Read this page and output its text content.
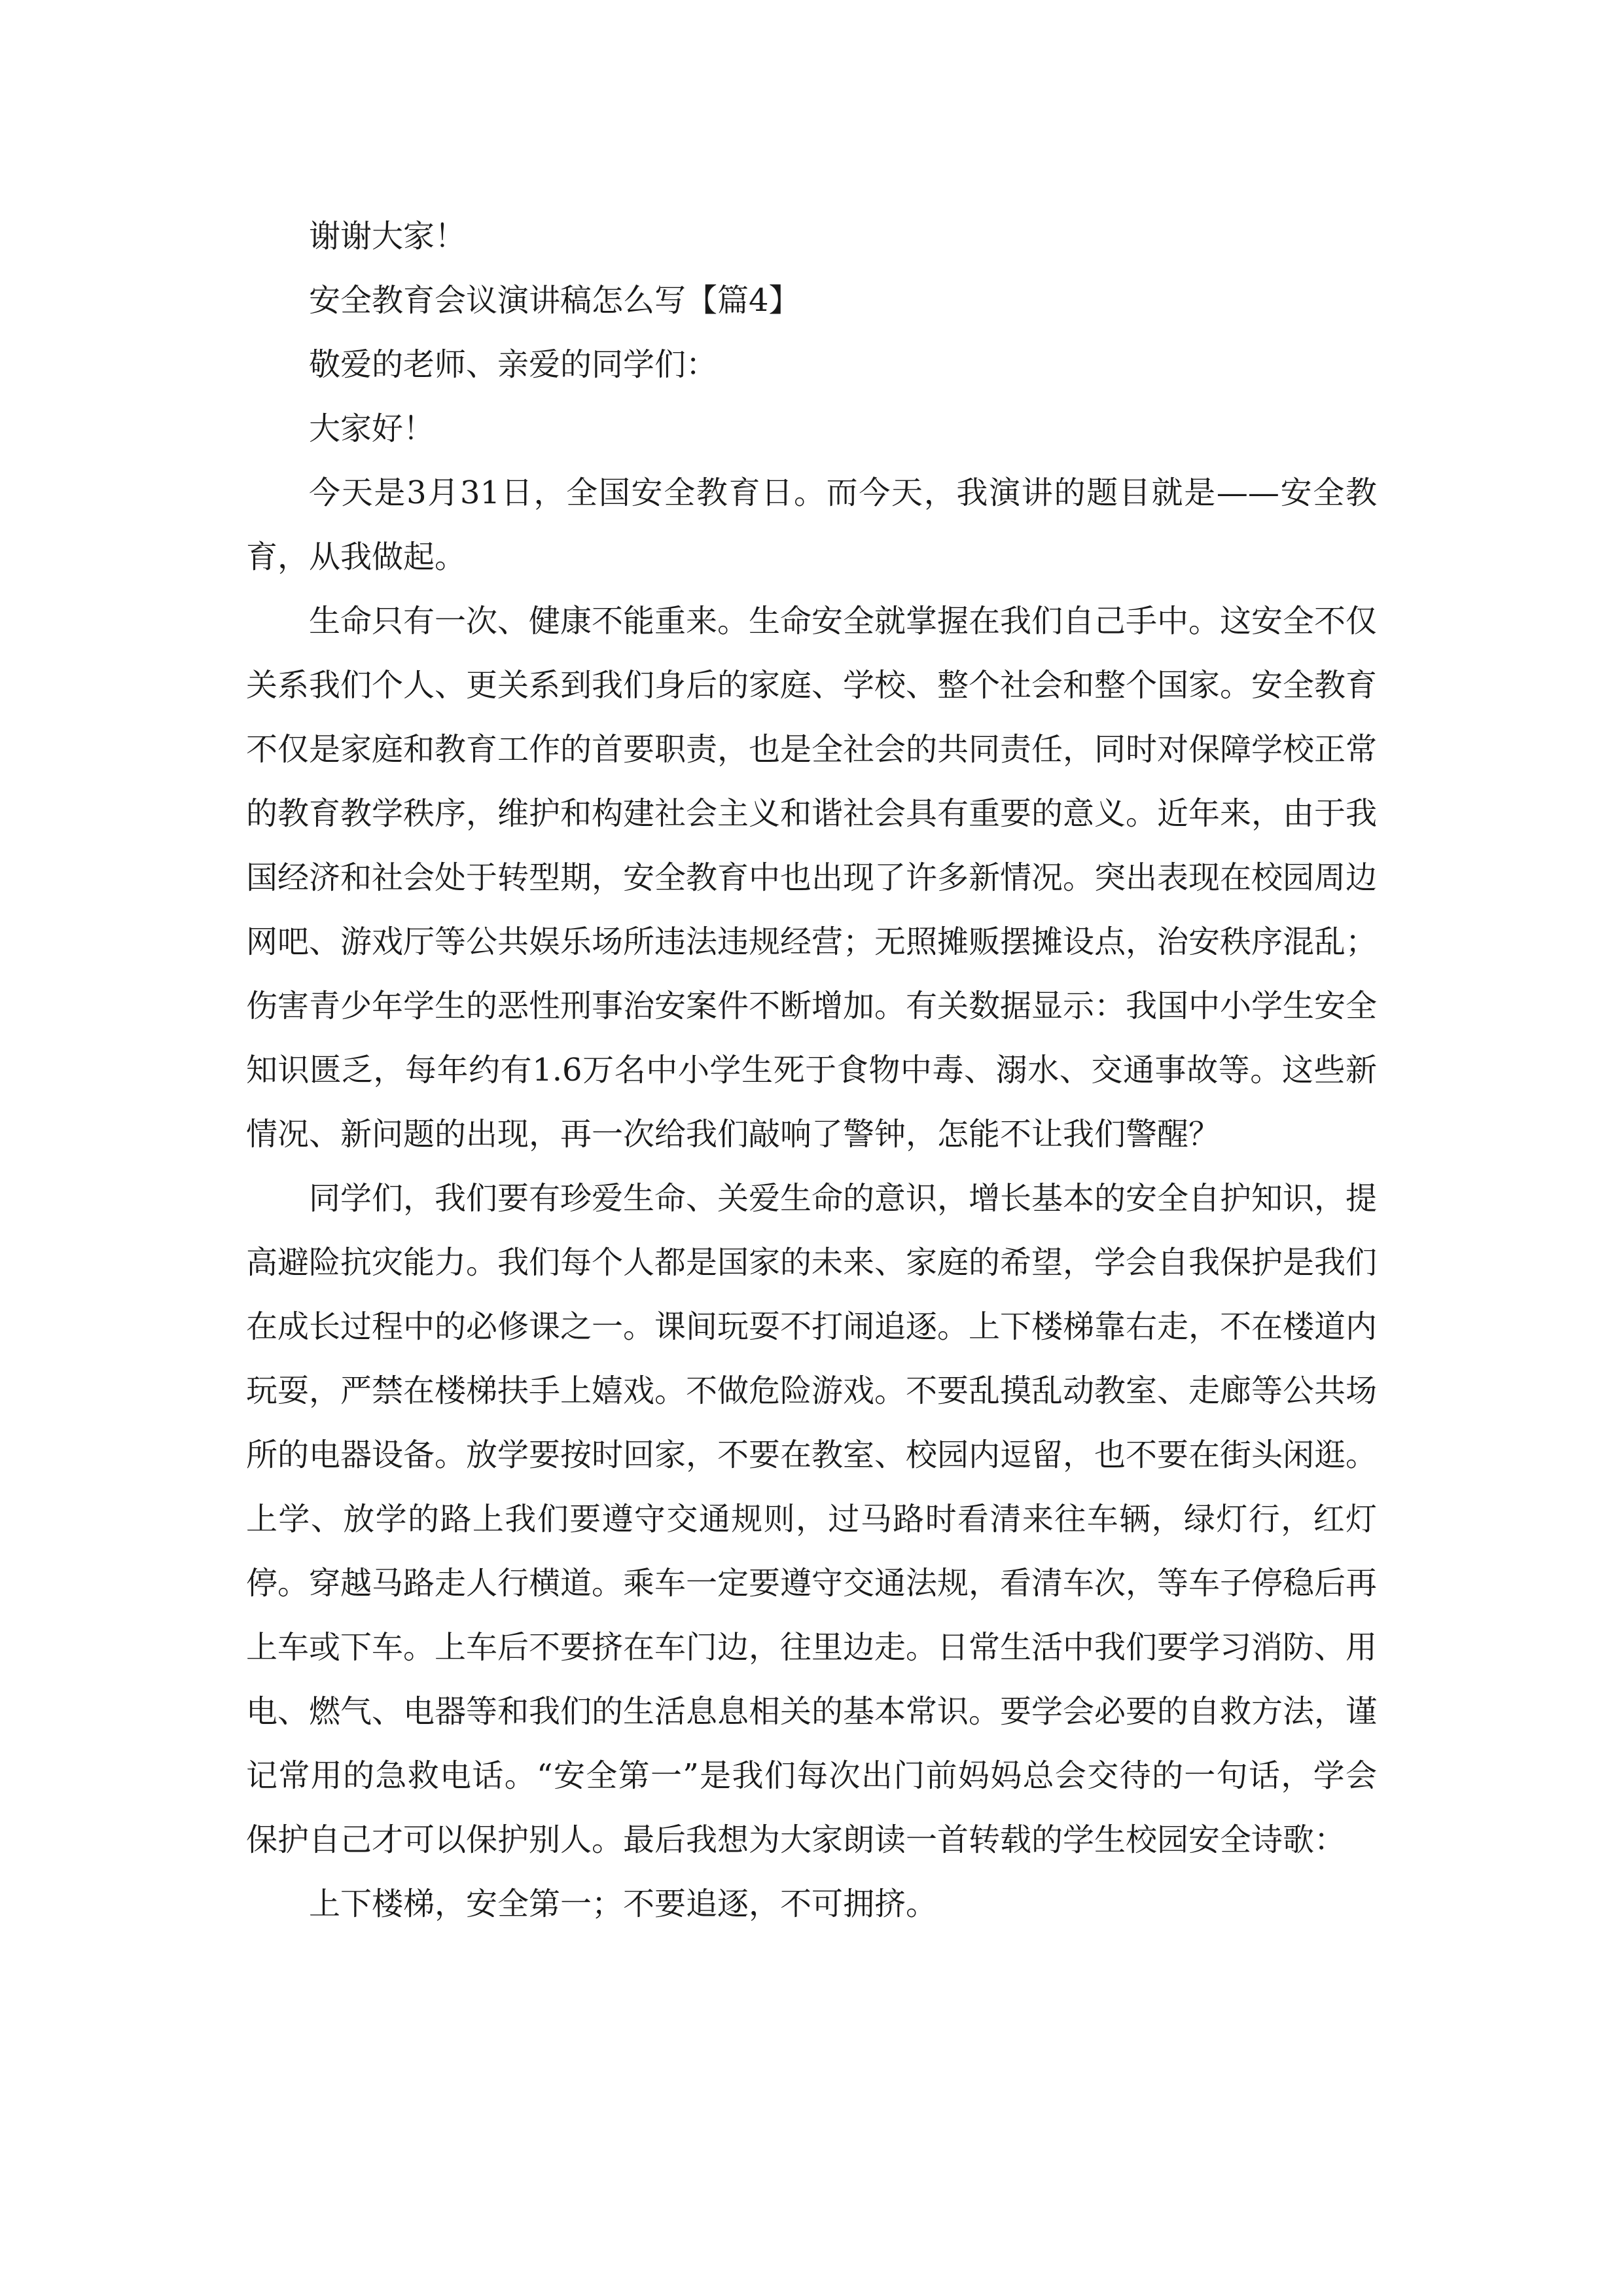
谢谢大家！

安全教育会议演讲稿怎么写【篇4】

敬爱的老师、亲爱的同学们：

大家好！

今天是3月31日，全国安全教育日。而今天，我演讲的题目就是——安全教育，从我做起。

生命只有一次、健康不能重来。生命安全就掌握在我们自己手中。这安全不仅关系我们个人、更关系到我们身后的家庭、学校、整个社会和整个国家。安全教育不仅是家庭和教育工作的首要职责，也是全社会的共同责任，同时对保障学校正常的教育教学秩序，维护和构建社会主义和谐社会具有重要的意义。近年来，由于我国经济和社会处于转型期，安全教育中也出现了许多新情况。突出表现在校园周边网吧、游戏厅等公共娱乐场所违法违规经营；无照摊贩摆摊设点，治安秩序混乱；伤害青少年学生的恶性刑事治安案件不断增加。有关数据显示：我国中小学生安全知识匮乏，每年约有1.6万名中小学生死于食物中毒、溺水、交通事故等。这些新情况、新问题的出现，再一次给我们敲响了警钟，怎能不让我们警醒？

同学们，我们要有珍爱生命、关爱生命的意识，增长基本的安全自护知识，提高避险抗灾能力。我们每个人都是国家的未来、家庭的希望，学会自我保护是我们在成长过程中的必修课之一。课间玩耍不打闹追逐。上下楼梯靠右走，不在楼道内玩耍，严禁在楼梯扶手上嬉戏。不做危险游戏。不要乱摸乱动教室、走廊等公共场所的电器设备。放学要按时回家，不要在教室、校园内逗留，也不要在街头闲逛。上学、放学的路上我们要遵守交通规则，过马路时看清来往车辆，绿灯行，红灯停。穿越马路走人行横道。乘车一定要遵守交通法规，看清车次，等车子停稳后再上车或下车。上车后不要挤在车门边，往里边走。日常生活中我们要学习消防、用电、燃气、电器等和我们的生活息息相关的基本常识。要学会必要的自救方法，谨记常用的急救电话。“安全第一”是我们每次出门前妈妈总会交待的一句话，学会保护自己才可以保护别人。最后我想为大家朗读一首转载的学生校园安全诗歌：

上下楼梯，安全第一；不要追逐，不可拥挤。
